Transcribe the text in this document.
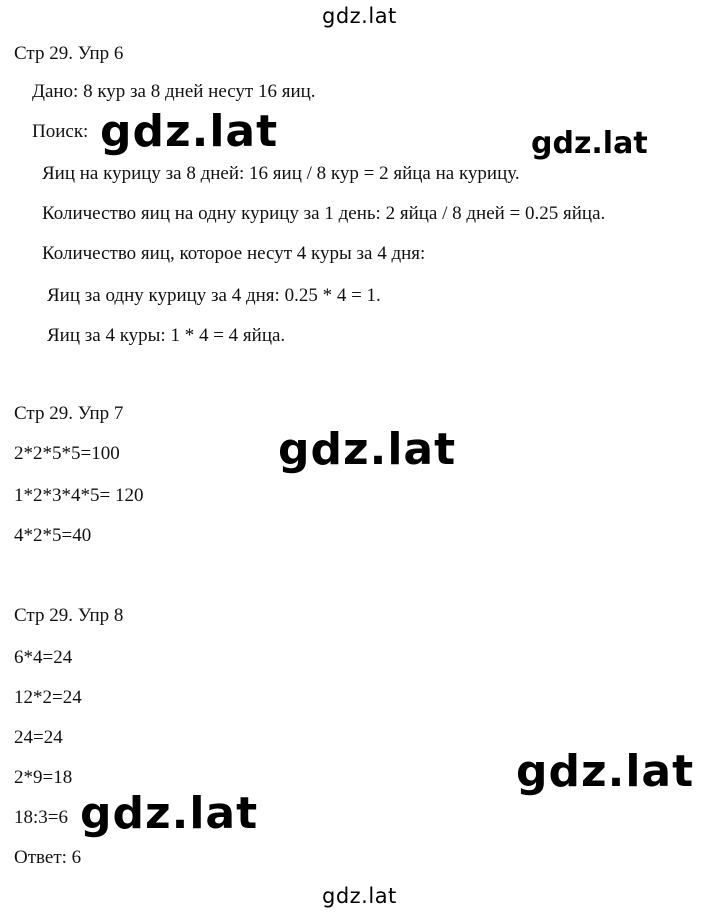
gdz.lat
gdz.lat
Стр 29. Упр 6
Дано: 8 кур за 8 дней несут 16 яиц.
Поиск: gdz.lat	gdz.lat
Яиц на курицу за 8 дней: 16 яиц / 8 кур = 2 яйца на курицу.
Количество яиц на одну курицу за 1 день: 2 яйца / 8 дней = 0.25 яйца.
Количество яиц, которое несут 4 куры за 4 дня:
Яиц за одну курицу за 4 дня: 0.25 * 4 = 1.
Яиц за 4 куры: 1 * 4 = 4 яйца.
Стр 29. Упр 7
2*2*5*5=100	gdz.lat
1*2*3*4*5= 120
4*2*5=40
Стр 29. Упр 8
6*4=24
12*2=24
24=24
2*9=18	gdz.lat
18:3=6 gdz.lat
Ответ: 6
